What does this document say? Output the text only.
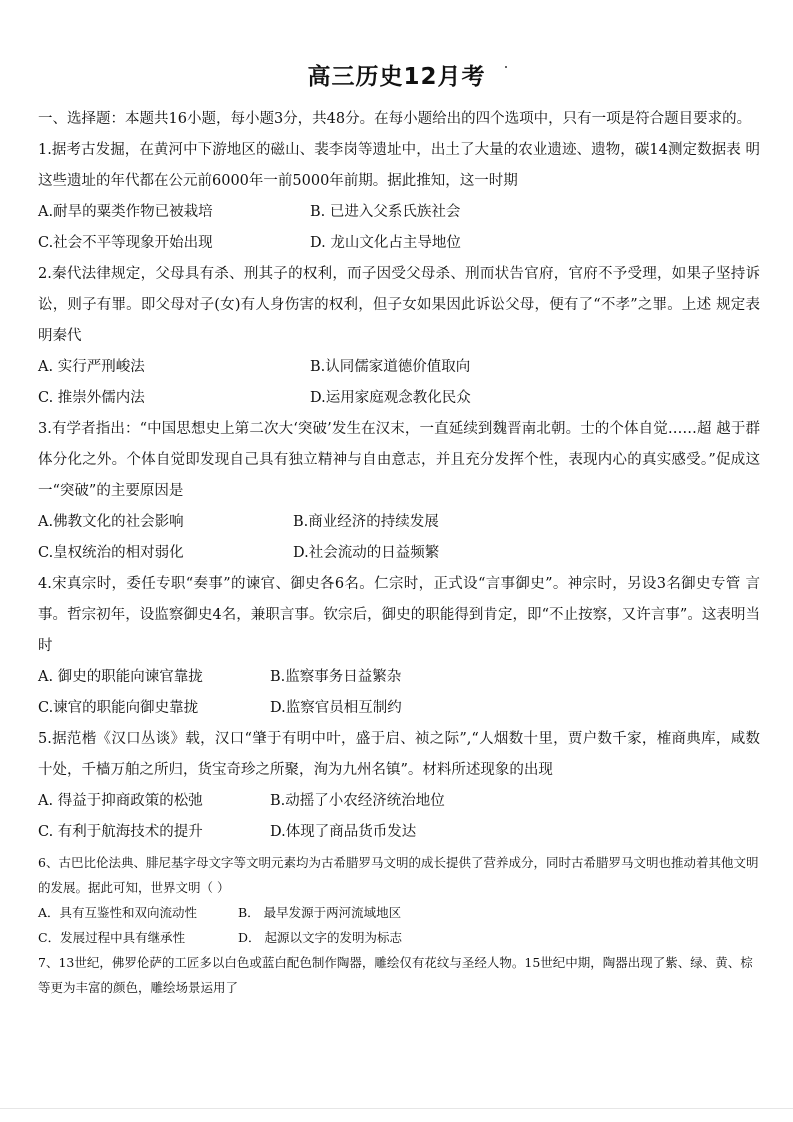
高三历史12月考

一、选择题：本题共16小题，每小题3分，共48分。在每小题给出的四个选项中，只有一项是符合题目要求的。

1.据考古发掘，在黄河中下游地区的磁山、裴李岗等遗址中，出土了大量的农业遗迹、遗物，碳14测定数据表 明这些遗址的年代都在公元前6000年一前5000年前期。据此推知，这一时期

A.耐旱的粟类作物已被栽培	B. 已进入父系氏族社会
C.社会不平等现象开始出现	D. 龙山文化占主导地位

2.秦代法律规定，父母具有杀、刑其子的权利，而子因受父母杀、刑而状告官府，官府不予受理，如果子坚持诉 讼，则子有罪。即父母对子(女)有人身伤害的权利，但子女如果因此诉讼父母，便有了“不孝”之罪。上述 规定表明秦代

A. 实行严刑峻法	B.认同儒家道德价值取向
C. 推崇外儒内法	D.运用家庭观念教化民众

3.有学者指出：“中国思想史上第二次大‘突破’发生在汉末，一直延续到魏晋南北朝。士的个体自觉……超 越于群体分化之外。个体自觉即发现自己具有独立精神与自由意志，并且充分发挥个性，表现内心的真实感受。”促成这一“突破”的主要原因是

A.佛教文化的社会影响	B.商业经济的持续发展
C.皇权统治的相对弱化	D.社会流动的日益频繁

4.宋真宗时，委任专职“奏事”的谏官、御史各6名。仁宗时，正式设“言事御史”。神宗时，另设3名御史专管 言事。哲宗初年，设监察御史4名，兼职言事。钦宗后，御史的职能得到肯定，即“不止按察，又许言事”。这表明当时

A. 御史的职能向谏官靠拢	B.监察事务日益繁杂
C.谏官的职能向御史靠拢	D.监察官员相互制约

5.据范楷《汉口丛谈》载，汉口“肇于有明中叶，盛于启、祯之际”,“人烟数十里，贾户数千家，榷商典库，咸数十处，千樯万舶之所归，货宝奇珍之所聚，洵为九州名镇”。材料所述现象的出现

A. 得益于抑商政策的松弛	B.动摇了小农经济统治地位
C. 有利于航海技术的提升	D.体现了商品货币发达

6、古巴比伦法典、腓尼基字母文字等文明元素均为古希腊罗马文明的成长提供了营养成分，同时古希腊罗马文明也推动着其他文明的发展。据此可知，世界文明（ ）

A．具有互鉴性和双向流动性	B． 最早发源于两河流域地区
C．发展过程中具有继承性	D． 起源以文字的发明为标志

7、13世纪，佛罗伦萨的工匠多以白色或蓝白配色制作陶器，雕绘仅有花纹与圣经人物。15世纪中期，陶器出现了紫、绿、黄、棕等更为丰富的颜色，雕绘场景运用了
